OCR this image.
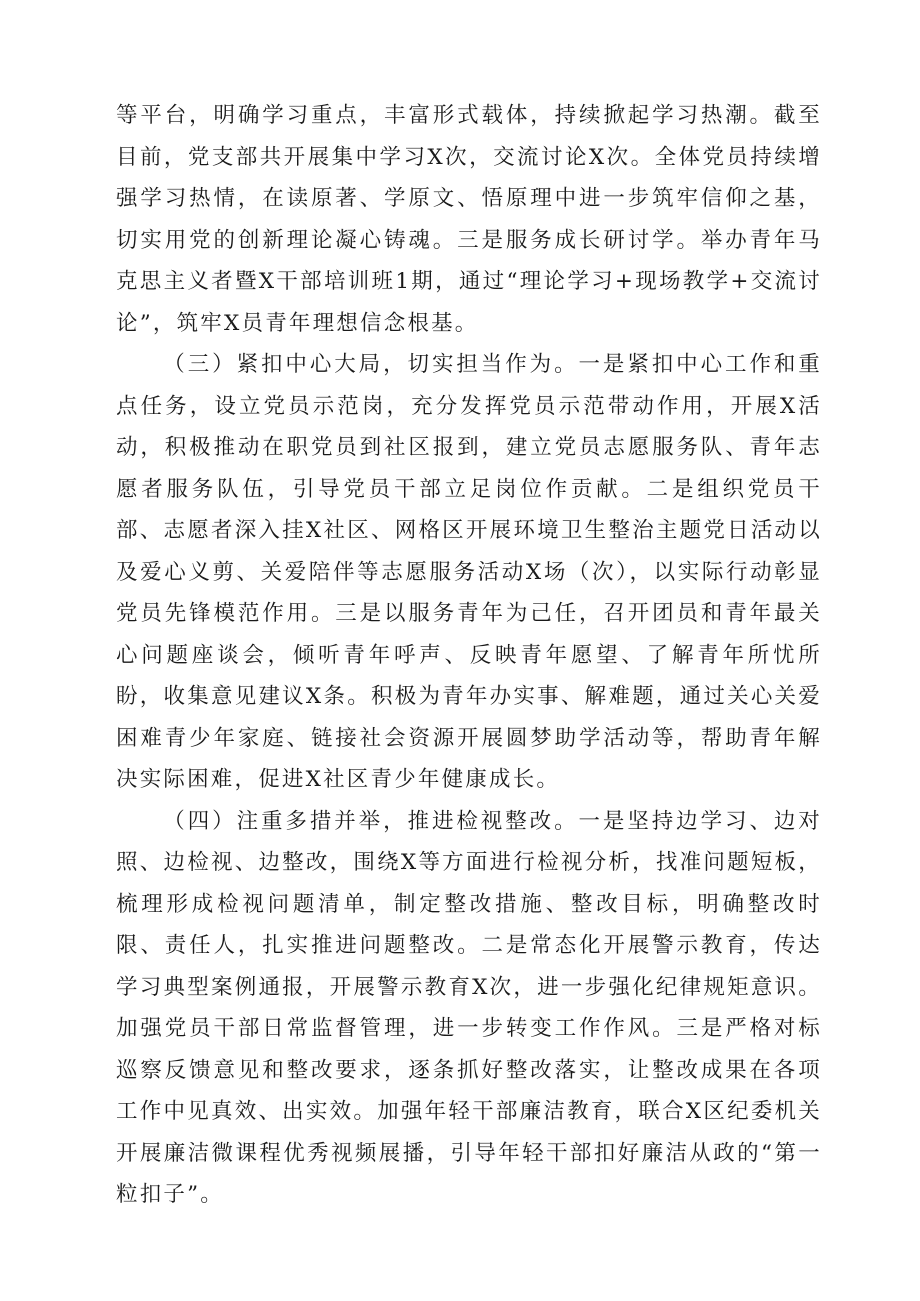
等平台，明确学习重点，丰富形式载体，持续掀起学习热潮。截至目前，党支部共开展集中学习X次，交流讨论X次。全体党员持续增强学习热情，在读原著、学原文、悟原理中进一步筑牢信仰之基，切实用党的创新理论凝心铸魂。三是服务成长研讨学。举办青年马克思主义者暨X干部培训班1期，通过“理论学习+现场教学+交流讨论”，筑牢X员青年理想信念根基。

（三）紧扣中心大局，切实担当作为。一是紧扣中心工作和重点任务，设立党员示范岗，充分发挥党员示范带动作用，开展X活动，积极推动在职党员到社区报到，建立党员志愿服务队、青年志愿者服务队伍，引导党员干部立足岗位作贡献。二是组织党员干部、志愿者深入挂X社区、网格区开展环境卫生整治主题党日活动以及爱心义剪、关爱陪伴等志愿服务活动X场（次），以实际行动彰显党员先锋模范作用。三是以服务青年为己任，召开团员和青年最关心问题座谈会，倾听青年呼声、反映青年愿望、了解青年所忧所盼，收集意见建议X条。积极为青年办实事、解难题，通过关心关爱困难青少年家庭、链接社会资源开展圆梦助学活动等，帮助青年解决实际困难，促进X社区青少年健康成长。

（四）注重多措并举，推进检视整改。一是坚持边学习、边对照、边检视、边整改，围绕X等方面进行检视分析，找准问题短板，梳理形成检视问题清单，制定整改措施、整改目标，明确整改时限、责任人，扎实推进问题整改。二是常态化开展警示教育，传达学习典型案例通报，开展警示教育X次，进一步强化纪律规矩意识。加强党员干部日常监督管理，进一步转变工作作风。三是严格对标巡察反馈意见和整改要求，逐条抓好整改落实，让整改成果在各项工作中见真效、出实效。加强年轻干部廉洁教育，联合X区纪委机关开展廉洁微课程优秀视频展播，引导年轻干部扣好廉洁从政的“第一粒扣子”。
